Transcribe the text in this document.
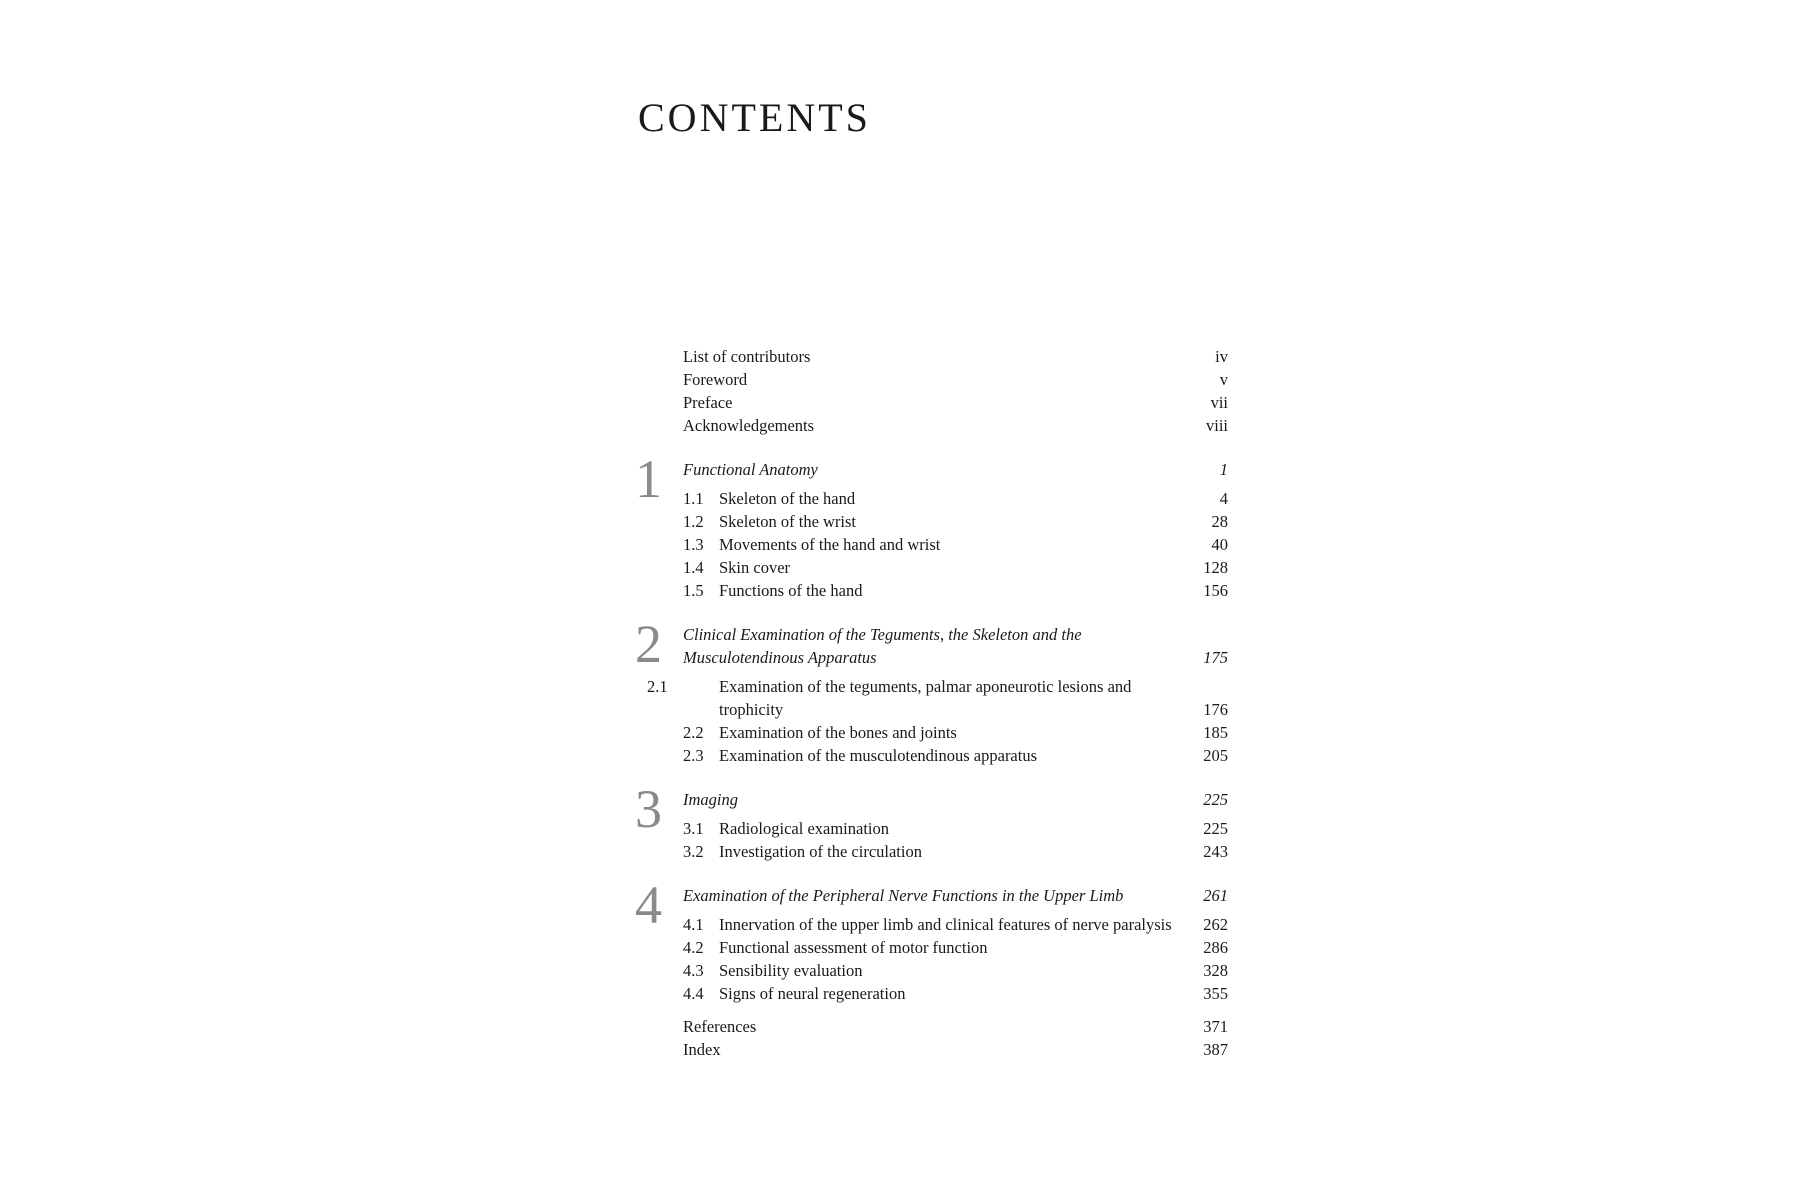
CONTENTS
List of contributors	iv
Foreword	v
Preface	vii
Acknowledgements	viii
1	Functional Anatomy	1
1.1 Skeleton of the hand	4
1.2 Skeleton of the wrist	28
1.3 Movements of the hand and wrist	40
1.4 Skin cover	128
1.5 Functions of the hand	156
2 Clinical Examination of the Teguments, the Skeleton and the Musculotendinous Apparatus	175
2.1	Examination of the teguments, palmar aponeurotic lesions and trophicity	176
2.2 Examination of the bones and joints	185
2.3 Examination of the musculotendinous apparatus	205
3	Imaging	225
3.1 Radiological examination	225
3.2 Investigation of the circulation	243
4	Examination of the Peripheral Nerve Functions in the Upper Limb	261
4.1 Innervation of the upper limb and clinical features of nerve paralysis 262
4.2 Functional assessment of motor function	286
4.3 Sensibility evaluation	328
4.4 Signs of neural regeneration	355
References	371
Index	387
